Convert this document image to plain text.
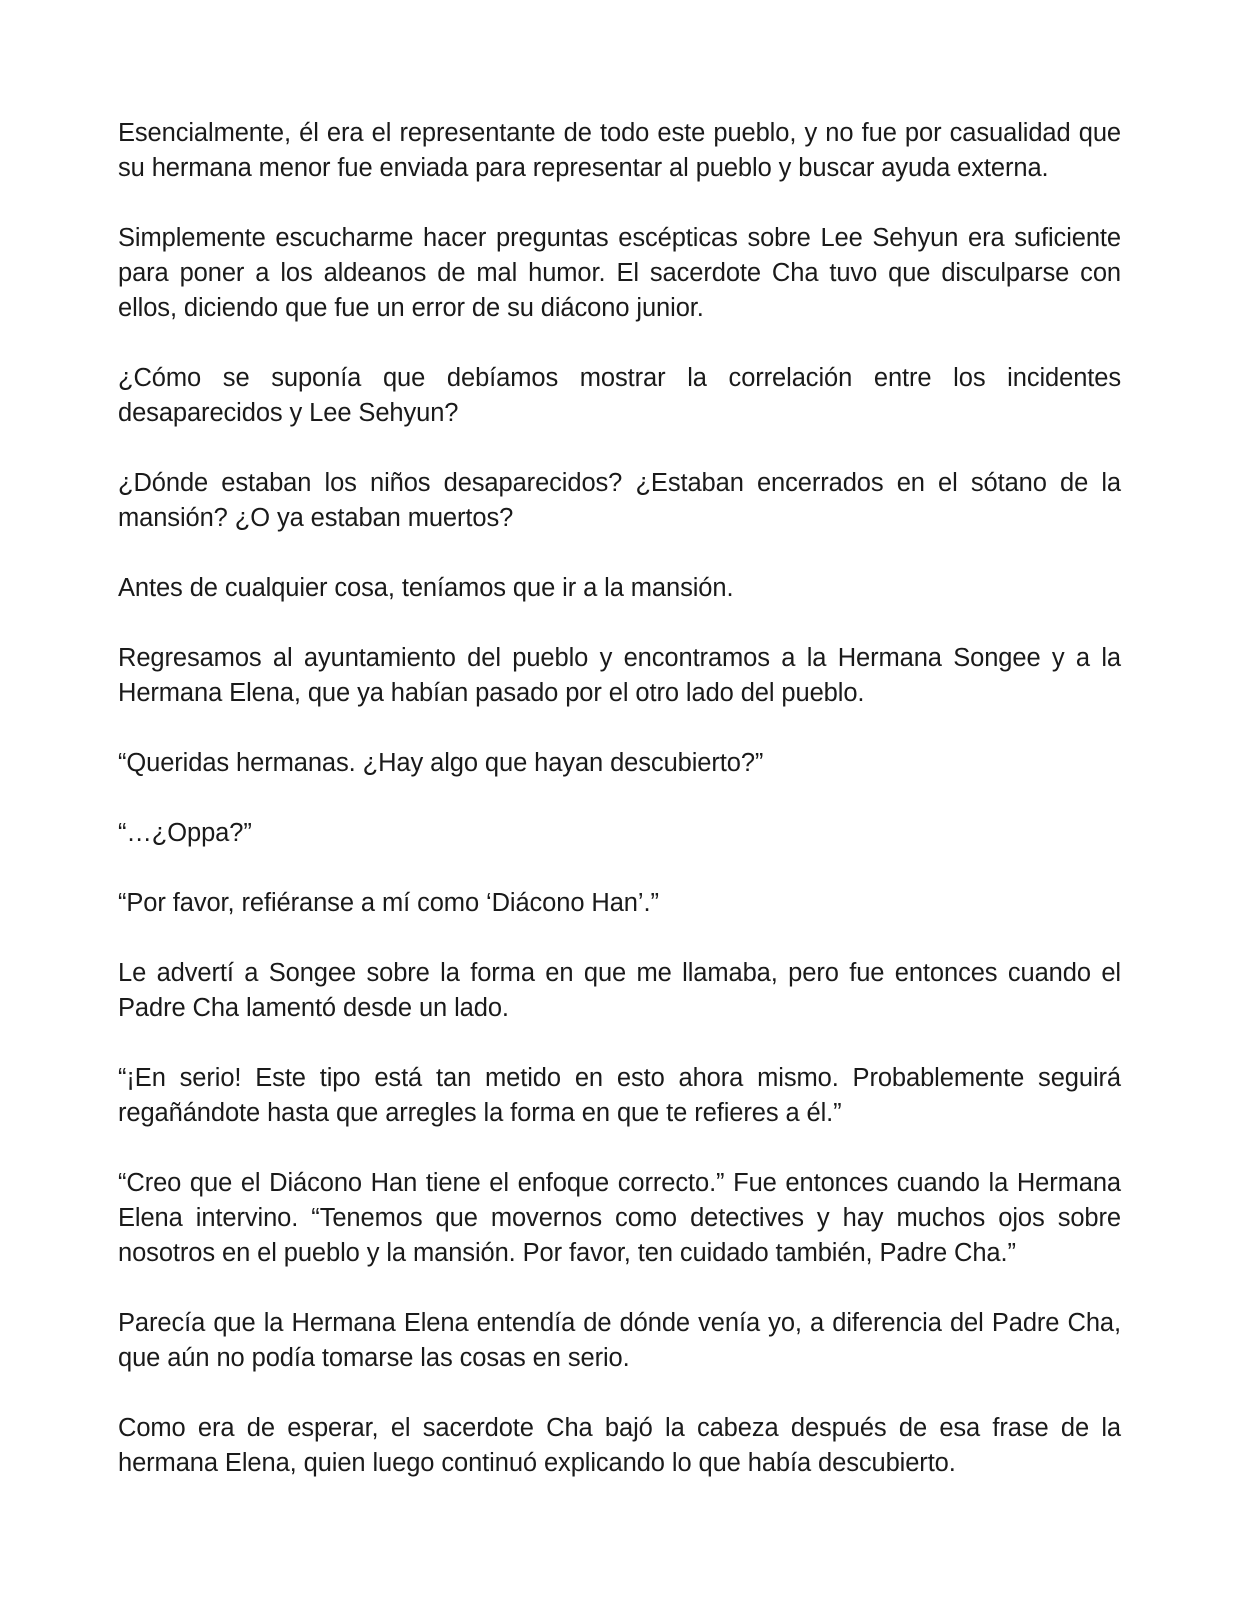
Esencialmente, él era el representante de todo este pueblo, y no fue por casualidad que su hermana menor fue enviada para representar al pueblo y buscar ayuda externa.

Simplemente escucharme hacer preguntas escépticas sobre Lee Sehyun era suficiente para poner a los aldeanos de mal humor. El sacerdote Cha tuvo que disculparse con ellos, diciendo que fue un error de su diácono junior.

¿Cómo se suponía que debíamos mostrar la correlación entre los incidentes desaparecidos y Lee Sehyun?

¿Dónde estaban los niños desaparecidos? ¿Estaban encerrados en el sótano de la mansión? ¿O ya estaban muertos?

Antes de cualquier cosa, teníamos que ir a la mansión.

Regresamos al ayuntamiento del pueblo y encontramos a la Hermana Songee y a la Hermana Elena, que ya habían pasado por el otro lado del pueblo.

“Queridas hermanas. ¿Hay algo que hayan descubierto?”

“…¿Oppa?”

“Por favor, refiéranse a mí como ‘Diácono Han’.”

Le advertí a Songee sobre la forma en que me llamaba, pero fue entonces cuando el Padre Cha lamentó desde un lado.

“¡En serio! Este tipo está tan metido en esto ahora mismo. Probablemente seguirá regañándote hasta que arregles la forma en que te refieres a él.”

“Creo que el Diácono Han tiene el enfoque correcto.” Fue entonces cuando la Hermana Elena intervino. “Tenemos que movernos como detectives y hay muchos ojos sobre nosotros en el pueblo y la mansión. Por favor, ten cuidado también, Padre Cha.”

Parecía que la Hermana Elena entendía de dónde venía yo, a diferencia del Padre Cha, que aún no podía tomarse las cosas en serio.

Como era de esperar, el sacerdote Cha bajó la cabeza después de esa frase de la hermana Elena, quien luego continuó explicando lo que había descubierto.
